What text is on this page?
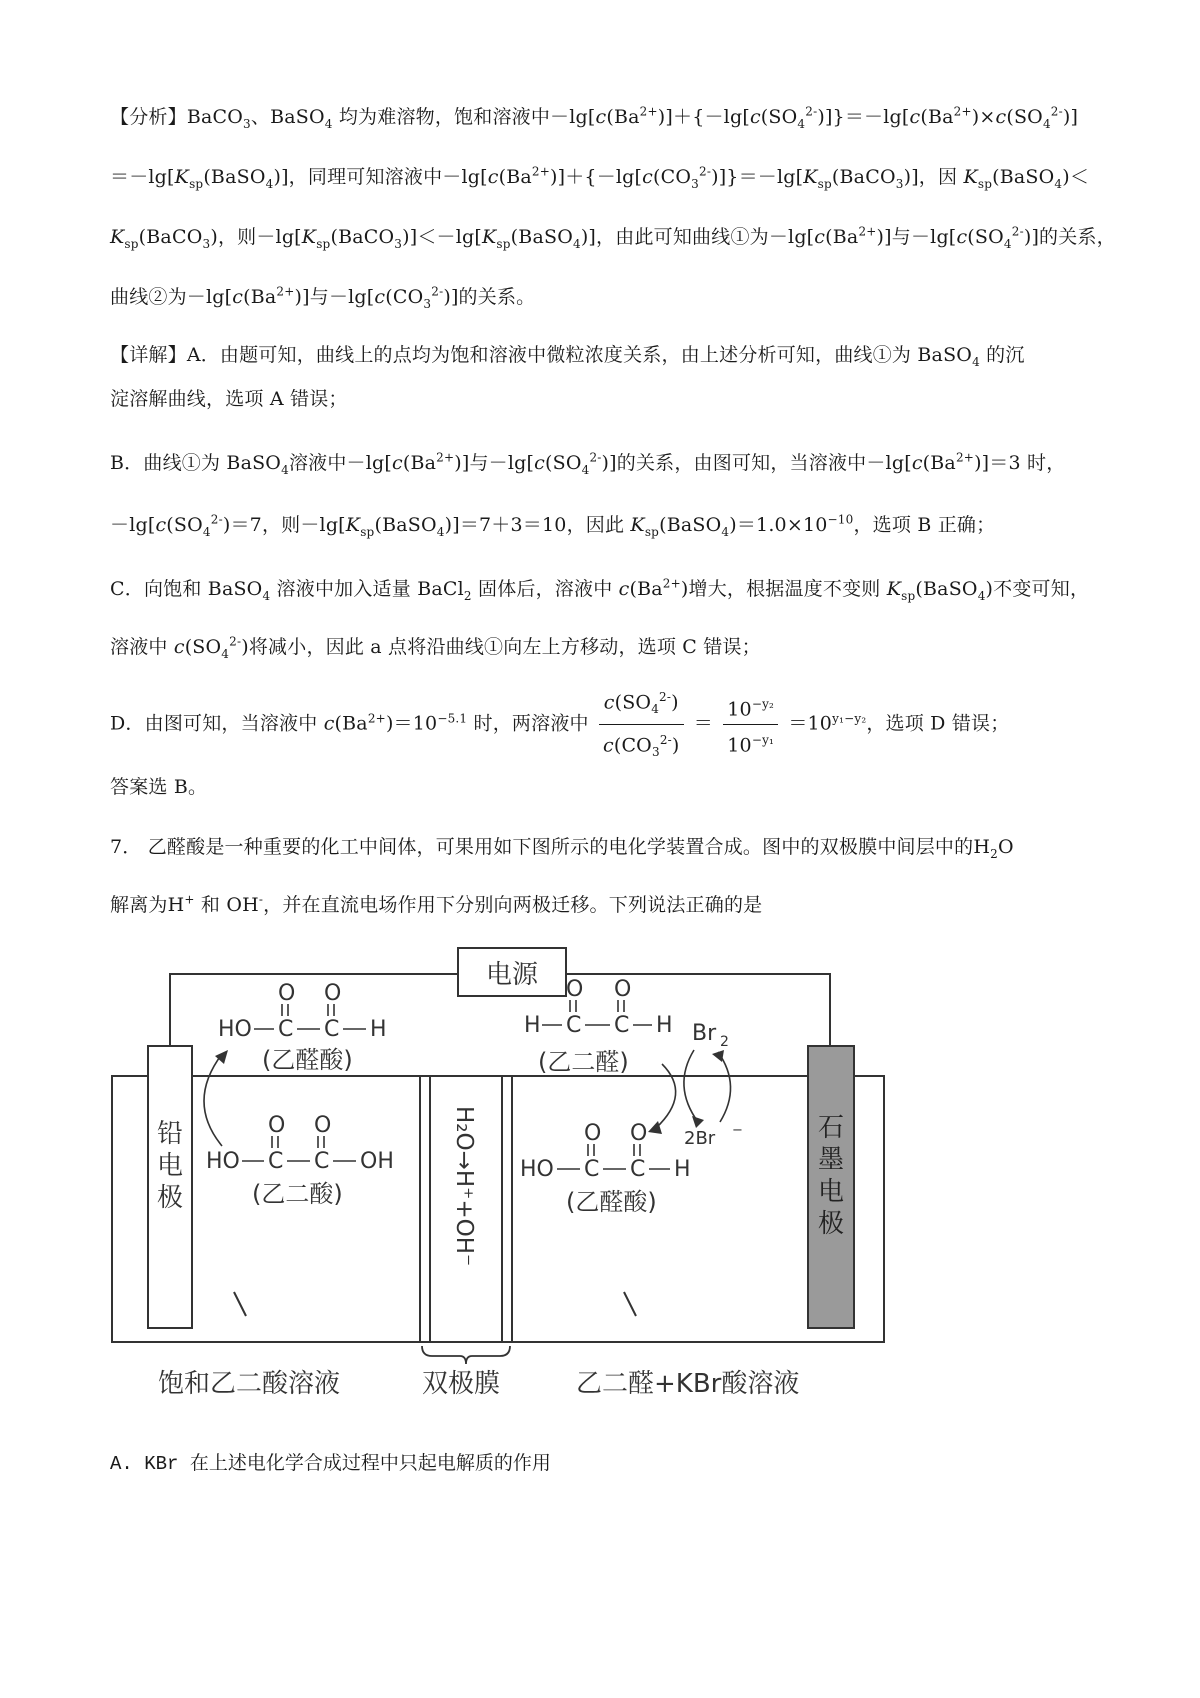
【分析】BaCO$_3$、BaSO$_4$ 均为难溶物，饱和溶液中$-\lg[c(Ba^{2+})]+\{-\lg[c(SO_4^{2-})]\}=-\lg[c(Ba^{2+})\times c(SO_4^{2-})]$
$=-\lg[K_{sp}(BaSO_4)]$，同理可知溶液中$-\lg[c(Ba^{2+})]+\{-\lg[c(CO_3^{2-})]\}=-\lg[K_{sp}(BaCO_3)]$，因 $K_{sp}(BaSO_4)<$
$K_{sp}(BaCO_3)$，则$-\lg[K_{sp}(BaCO_3)]<-\lg[K_{sp}(BaSO_4)]$，由此可知曲线①为$-\lg[c(Ba^{2+})]$与$-\lg[c(SO_4^{2-})]$的关系，
曲线②为$-\lg[c(Ba^{2+})]$与$-\lg[c(CO_3^{2-})]$的关系。
【详解】A．由题可知，曲线上的点均为饱和溶液中微粒浓度关系，由上述分析可知，曲线①为 BaSO$_4$ 的沉
淀溶解曲线，选项 A 错误；
B．曲线①为 BaSO$_4$溶液中$-\lg[c(Ba^{2+})]$与$-\lg[c(SO_4^{2-})]$的关系，由图可知，当溶液中$-\lg[c(Ba^{2+})]=3$ 时，
$-\lg[c(SO_4^{2-})=7$，则$-\lg[K_{sp}(BaSO_4)]=7+3=10$，因此 $K_{sp}(BaSO_4)=1.0\times 10^{-10}$，选项 B 正确；
C．向饱和 BaSO$_4$ 溶液中加入适量 BaCl$_2$ 固体后，溶液中 $c(Ba^{2+})$增大，根据温度不变则 $K_{sp}(BaSO_4)$不变可知，
溶液中 $c(SO_4^{2-})$将减小，因此 a 点将沿曲线①向左上方移动，选项 C 错误；
D．由图可知，当溶液中 $c(Ba^{2+})=10^{-5.1}$ 时，两溶液中 $\frac{c(SO_4^{2-})}{c(CO_3^{2-})} = \frac{10^{-y_2}}{10^{-y_1}} =10^{y_1-y_2}$，选项 D 错误；
答案选 B。
7． 乙醛酸是一种重要的化工中间体，可果用如下图所示的电化学装置合成。图中的双极膜中间层中的$H_2O$
解离为H+ 和 OH-，并在直流电场作用下分别向两极迁移。下列说法正确的是
电源
铅
电
极
石
墨
电
极
H₂O→H⁺+OH⁻
HO C C H
O O
(乙醛酸)
HO C C OH
O O
(乙二酸)
H C C H
O O
(乙二醛)
HO C C H
O O
(乙醛酸)
Br 2
2Br −
饱和乙二酸溶液	双极膜	乙二醛+KBr酸溶液
A. KBr 在上述电化学合成过程中只起电解质的作用
